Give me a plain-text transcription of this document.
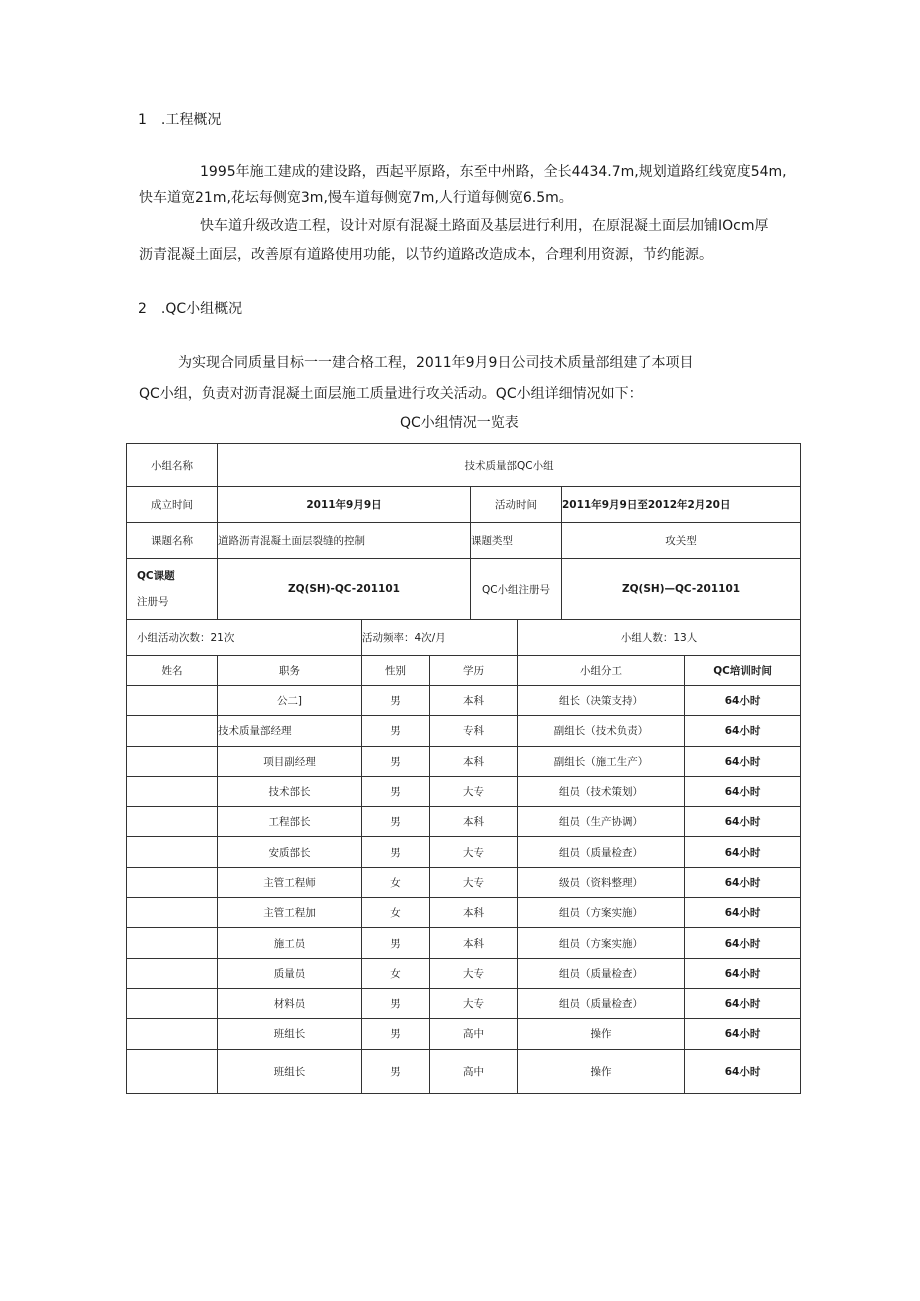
1　.工程概况
1995年施工建成的建设路，西起平原路，东至中州路，全长4434.7m,规划道路红线宽度54m,
快车道宽21m,花坛每侧宽3m,慢车道每侧宽7m,人行道每侧宽6.5m。
快车道升级改造工程，设计对原有混凝土路面及基层进行利用，在原混凝土面层加铺IOcm厚
沥青混凝土面层，改善原有道路使用功能，以节约道路改造成本，合理利用资源，节约能源。
2　.QC小组概况
为实现合同质量目标一一建合格工程，2011年9月9日公司技术质量部组建了本项目
QC小组，负责对沥青混凝土面层施工质量进行攻关活动。QC小组详细情况如下：
QC小组情况一览表
小组名称	技术质量部QC小组						
成立时间	2011年9月9日			活动时间		2011年9月9日至2012年2月20日	
课题名称	道路沥青混凝土面层裂缝的控制			课题类型		攻关型	
QC课题
注册号	ZQ(SH)-QC-201101			QC小组注册号		ZQ(SH)—QC-201101	
小组活动次数：21次		活动频率：4次/月			小组人数：13人		
姓名	职务	性别	学历		小组分工		QC培训时间
	公二]	男	本科		组长（决策支持）		64小时
	技术质量部经理	男	专科		副组长（技术负责）		64小时
	项目副经理	男	本科		副组长（施工生产）		64小时
	技术部长	男	大专		组员（技术策划）		64小时
	工程部长	男	本科		组员（生产协调）		64小时
	安质部长	男	大专		组员（质量检查）		64小时
	主管工程师	女	大专		级员（资料整理）		64小时
	主管工程加	女	本科		组员（方案实施）		64小时
	施工员	男	本科		组员（方案实施）		64小时
	质量员	女	大专		组员（质量检查）		64小时
	材料员	男	大专		组员（质量检查）		64小时
	班组长	男	高中		操作		64小时
	班组长	男	高中		操作		64小时
